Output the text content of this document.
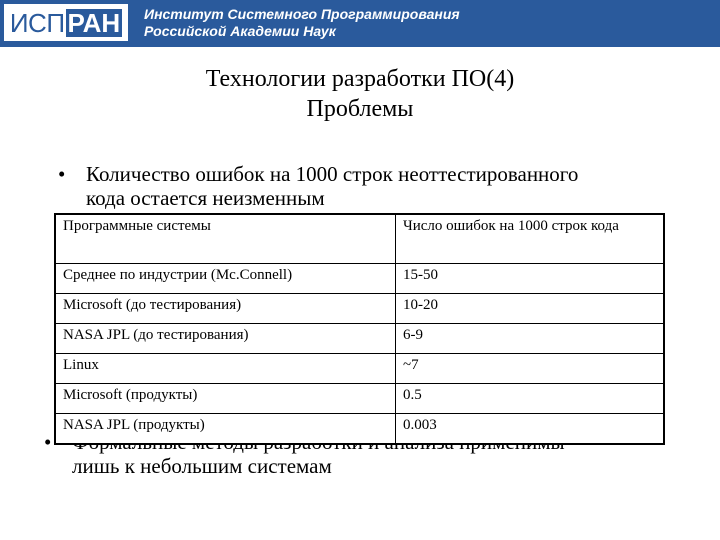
ИСП РАН Институт Системного Программирования
Российской Академии Наук
Технологии разработки ПО(4)
Проблемы
• Количество ошибок на 1000 строк неоттестированного
кода остается неизменным
•
лишь к небольшим системам
Программные системы	Число ошибок на 1000 строк кода
Среднее по индустрии (Mc.Connell)	15-50
Microsoft (до тестирования)	10-20
NASA JPL (до тестирования)	6-9
Linux	~7
Microsoft (продукты)	0.5
NASA JPL (продукты)	0.003
